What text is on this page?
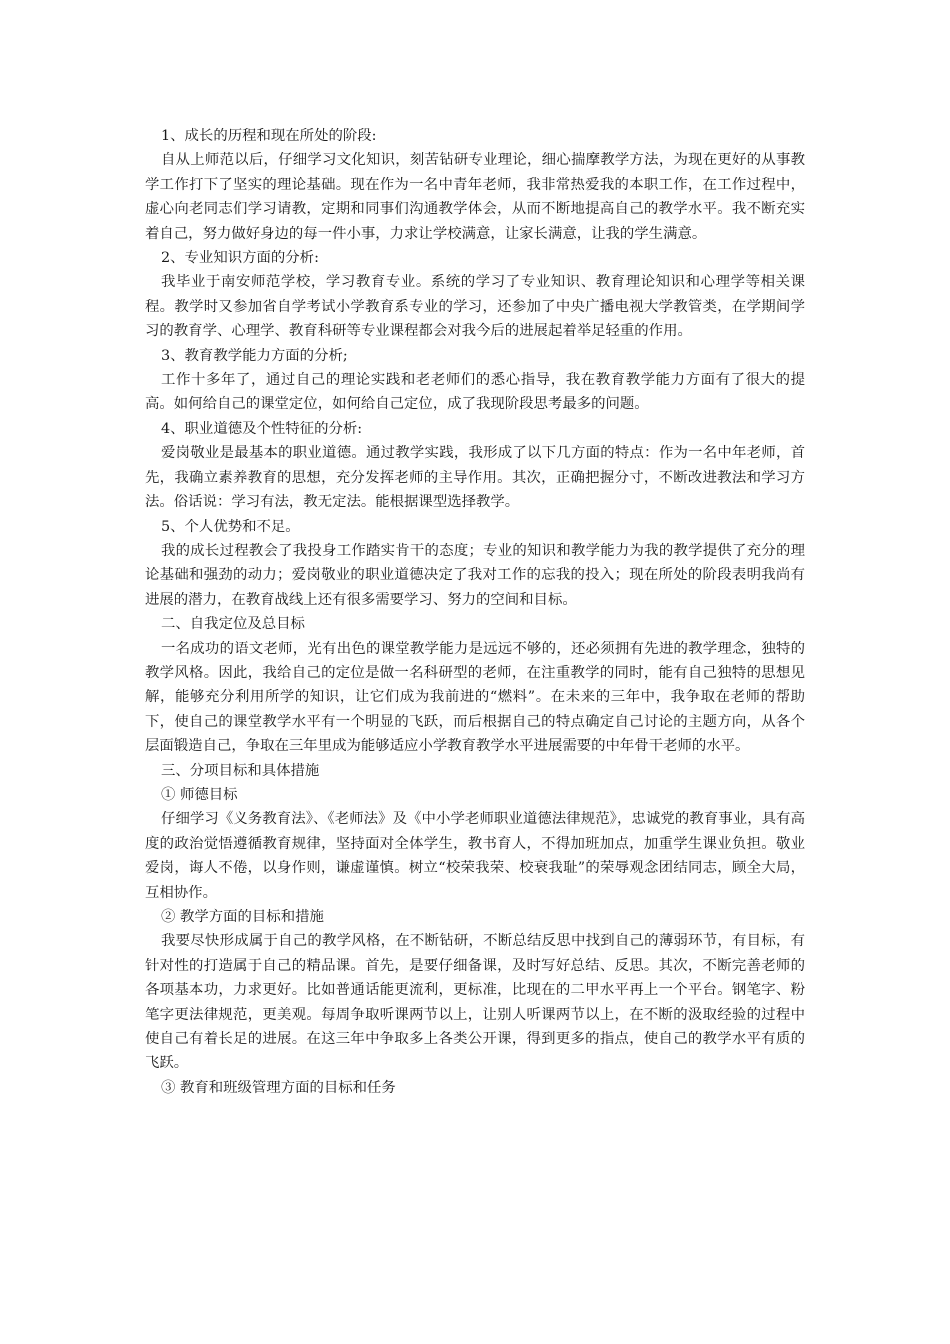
1、成长的历程和现在所处的阶段:
自从上师范以后，仔细学习文化知识，刻苦钻研专业理论，细心揣摩教学方法，为现在更好的从事教学工作打下了坚实的理论基础。现在作为一名中青年老师，我非常热爱我的本职工作，在工作过程中，虚心向老同志们学习请教，定期和同事们沟通教学体会，从而不断地提高自己的教学水平。我不断充实着自己，努力做好身边的每一件小事，力求让学校满意，让家长满意，让我的学生满意。
2、专业知识方面的分析:
我毕业于南安师范学校，学习教育专业。系统的学习了专业知识、教育理论知识和心理学等相关课程。教学时又参加省自学考试小学教育系专业的学习，还参加了中央广播电视大学教管类，在学期间学习的教育学、心理学、教育科研等专业课程都会对我今后的进展起着举足轻重的作用。
3、教育教学能力方面的分析;
工作十多年了，通过自己的理论实践和老老师们的悉心指导，我在教育教学能力方面有了很大的提高。如何给自己的课堂定位，如何给自己定位，成了我现阶段思考最多的问题。
4、职业道德及个性特征的分析:
爱岗敬业是最基本的职业道德。通过教学实践，我形成了以下几方面的特点：作为一名中年老师，首先，我确立素养教育的思想，充分发挥老师的主导作用。其次，正确把握分寸，不断改进教法和学习方法。俗话说：学习有法，教无定法。能根据课型选择教学。
5、个人优势和不足。
我的成长过程教会了我投身工作踏实肯干的态度；专业的知识和教学能力为我的教学提供了充分的理论基础和强劲的动力；爱岗敬业的职业道德决定了我对工作的忘我的投入；现在所处的阶段表明我尚有进展的潜力，在教育战线上还有很多需要学习、努力的空间和目标。
二、自我定位及总目标
一名成功的语文老师，光有出色的课堂教学能力是远远不够的，还必须拥有先进的教学理念，独特的教学风格。因此，我给自己的定位是做一名科研型的老师，在注重教学的同时，能有自己独特的思想见解，能够充分利用所学的知识，让它们成为我前进的“燃料”。在未来的三年中，我争取在老师的帮助下，使自己的课堂教学水平有一个明显的飞跃，而后根据自己的特点确定自己讨论的主题方向，从各个层面锻造自己，争取在三年里成为能够适应小学教育教学水平进展需要的中年骨干老师的水平。
三、分项目标和具体措施
① 师德目标
仔细学习《义务教育法》、《老师法》及《中小学老师职业道德法律规范》，忠诚党的教育事业，具有高度的政治觉悟遵循教育规律，坚持面对全体学生，教书育人，不得加班加点，加重学生课业负担。敬业爱岗，诲人不倦，以身作则，谦虚谨慎。树立“校荣我荣、校衰我耻”的荣辱观念团结同志，顾全大局，互相协作。
② 教学方面的目标和措施
我要尽快形成属于自己的教学风格，在不断钻研，不断总结反思中找到自己的薄弱环节，有目标，有针对性的打造属于自己的精品课。首先，是要仔细备课，及时写好总结、反思。其次，不断完善老师的各项基本功，力求更好。比如普通话能更流利，更标准，比现在的二甲水平再上一个平台。钢笔字、粉笔字更法律规范，更美观。每周争取听课两节以上，让别人听课两节以上，在不断的汲取经验的过程中使自己有着长足的进展。在这三年中争取多上各类公开课，得到更多的指点，使自己的教学水平有质的飞跃。
③ 教育和班级管理方面的目标和任务
